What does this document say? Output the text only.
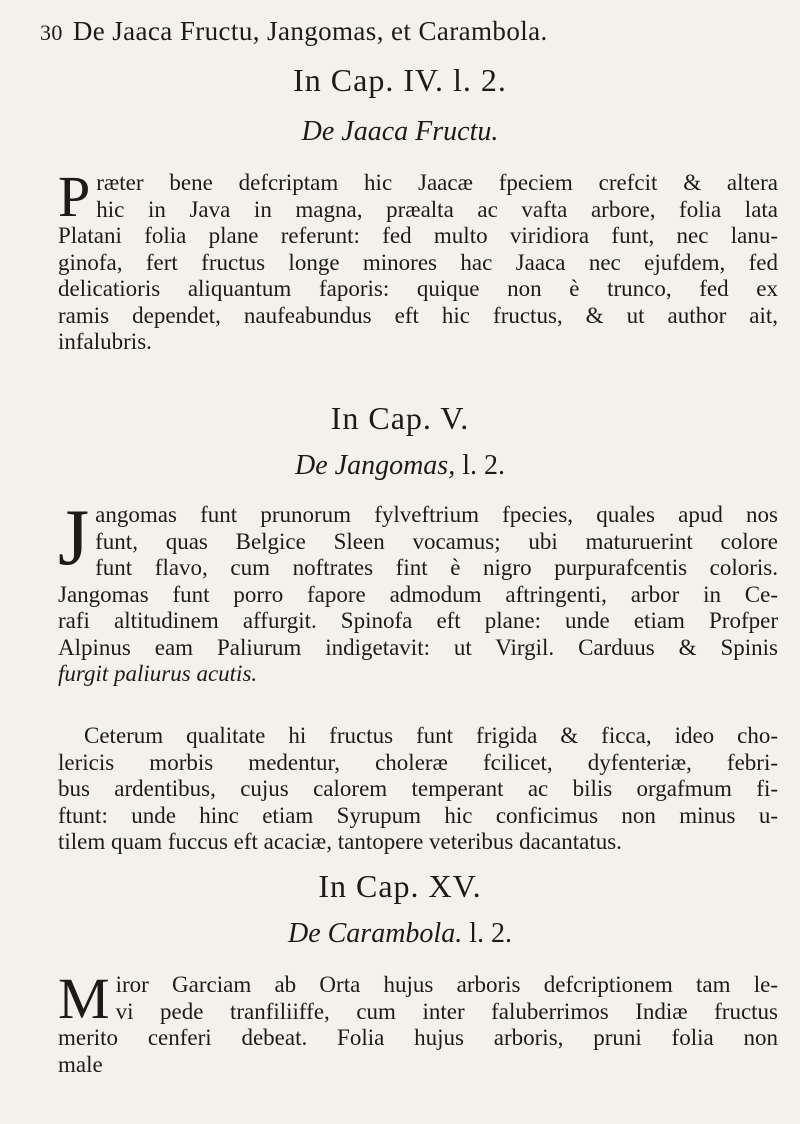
30 De Jaaca Fructu, Jangomas, et Carambola.
In Cap. IV. l. 2.
De Jaaca Fructu.
P ræter bene defcriptam hic Jaacæ fpeciem crefcit & altera
hic in Java in magna, præalta ac vafta arbore, folia lata
Platani folia plane referunt: fed multo viridiora funt, nec lanu-
ginofa, fert fructus longe minores hac Jaaca nec ejufdem, fed
delicatioris aliquantum faporis: quique non è trunco, fed ex
ramis dependet, naufeabundus eft hic fructus, & ut author ait,
infalubris.
In Cap. V.
De Jangomas, l. 2.
J angomas funt prunorum fylveftrium fpecies, quales apud nos
funt, quas Belgice Sleen vocamus; ubi maturuerint colore
funt flavo, cum noftrates fint è nigro purpurafcentis coloris.
Jangomas funt porro fapore admodum aftringenti, arbor in Ce-
rafi altitudinem affurgit. Spinofa eft plane: unde etiam Profper
Alpinus eam Paliurum indigetavit: ut Virgil. Carduus & Spinis
furgit paliurus acutis.
Ceterum qualitate hi fructus funt frigida & ficca, ideo cho-
lericis morbis medentur, choleræ fcilicet, dyfenteriæ, febri-
bus ardentibus, cujus calorem temperant ac bilis orgafmum fi-
ftunt: unde hinc etiam Syrupum hic conficimus non minus u-
tilem quam fuccus eft acaciæ, tantopere veteribus dacantatus.
In Cap. XV.
De Carambola. l. 2.
M iror Garciam ab Orta hujus arboris defcriptionem tam le-
vi pede tranfiliiffe, cum inter faluberrimos Indiæ fructus
merito cenferi debeat. Folia hujus arboris, pruni folia non
male
